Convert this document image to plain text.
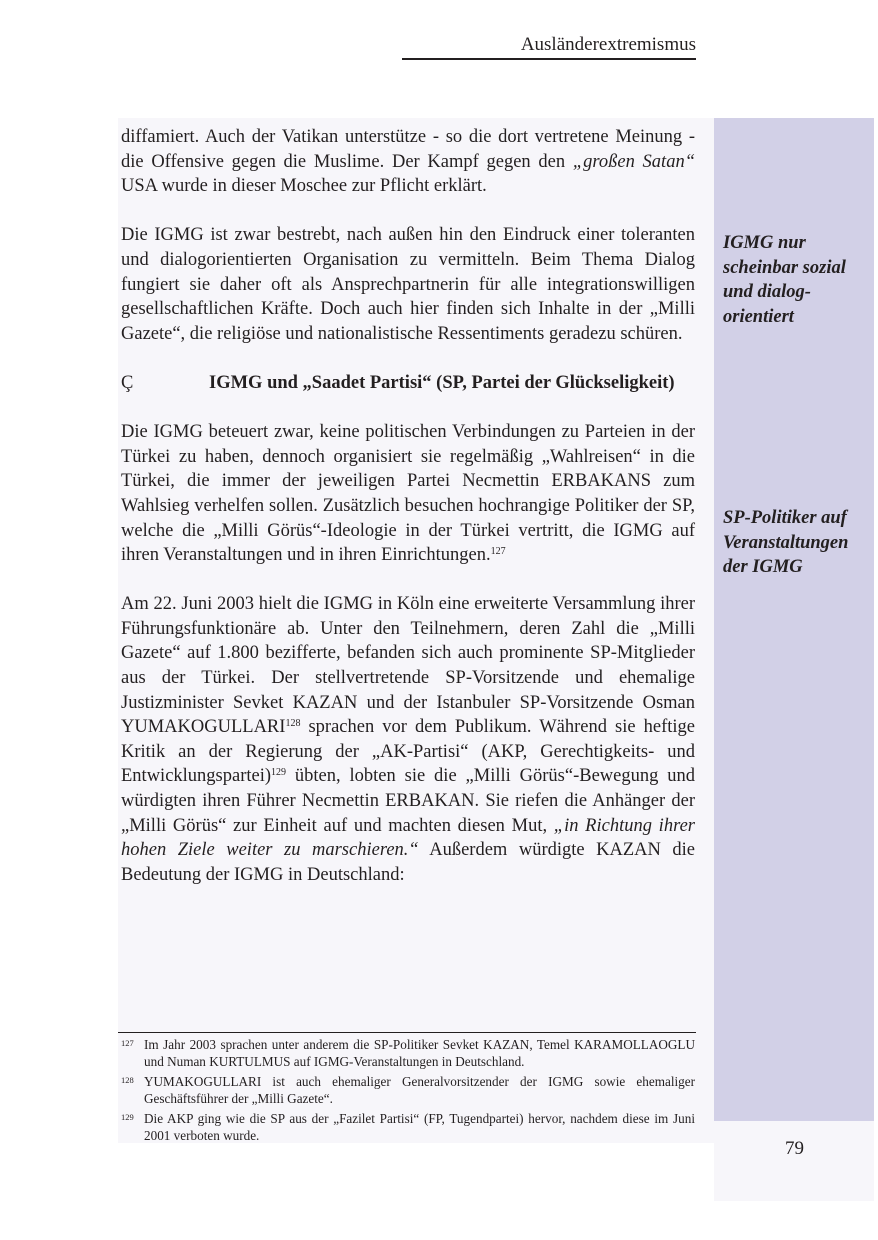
Ausländerextremismus
79

diffamiert. Auch der Vatikan unterstütze - so die dort vertretene Meinung - die Offensive gegen die Muslime. Der Kampf gegen den „großen Satan“ USA wurde in dieser Moschee zur Pflicht erklärt.

Die IGMG ist zwar bestrebt, nach außen hin den Eindruck einer toleranten und dialogorientierten Organisation zu vermitteln. Beim Thema Dialog fungiert sie daher oft als Ansprechpartnerin für alle integrationswilligen gesellschaftlichen Kräfte. Doch auch hier finden sich Inhalte in der „Milli Gazete“, die religiöse und nationalistische Ressentiments geradezu schüren.

Ç	IGMG und „Saadet Partisi“ (SP, Partei der Glückseligkeit)

Die IGMG beteuert zwar, keine politischen Verbindungen zu Parteien in der Türkei zu haben, dennoch organisiert sie regelmäßig „Wahlreisen“ in die Türkei, die immer der jeweiligen Partei Necmettin ERBAKANS zum Wahlsieg verhelfen sollen. Zusätzlich besuchen hochrangige Politiker der SP, welche die „Milli Görüs“-Ideologie in der Türkei vertritt, die IGMG auf ihren Veranstaltungen und in ihren Einrichtungen.$^{127}$

Am 22. Juni 2003 hielt die IGMG in Köln eine erweiterte Versammlung ihrer Führungsfunktionäre ab. Unter den Teilnehmern, deren Zahl die „Milli Gazete“ auf 1.800 bezifferte, befanden sich auch prominente SP-Mitglieder aus der Türkei. Der stellvertretende SP-Vorsitzende und ehemalige Justizminister Sevket KAZAN und der Istanbuler SP-Vorsitzende Osman YUMAKOGULLARI$^{128}$ sprachen vor dem Publikum. Während sie heftige Kritik an der Regierung der „AK-Partisi“ (AKP, Gerechtigkeits- und Entwicklungspartei)$^{129}$ übten, lobten sie die „Milli Görüs“-Bewegung und würdigten ihren Führer Necmettin ERBAKAN. Sie riefen die Anhänger der „Milli Görüs“ zur Einheit auf und machten diesen Mut, „in Richtung ihrer hohen Ziele weiter zu marschieren.“ Außerdem würdigte KAZAN die Bedeutung der IGMG in Deutschland:

IGMG nur scheinbar sozial und dialogorientiert
SP-Politiker auf Veranstaltungen der IGMG
127 Im Jahr 2003 sprachen unter anderem die SP-Politiker Sevket KAZAN, Temel KARAMOLLAOGLU und Numan KURTULMUS auf IGMG-Veranstaltungen in Deutschland.
128 YUMAKOGULLARI ist auch ehemaliger Generalvorsitzender der IGMG sowie ehemaliger Geschäftsführer der „Milli Gazete“.
129 Die AKP ging wie die SP aus der „Fazilet Partisi“ (FP, Tugendpartei) hervor, nachdem diese im Juni 2001 verboten wurde.
